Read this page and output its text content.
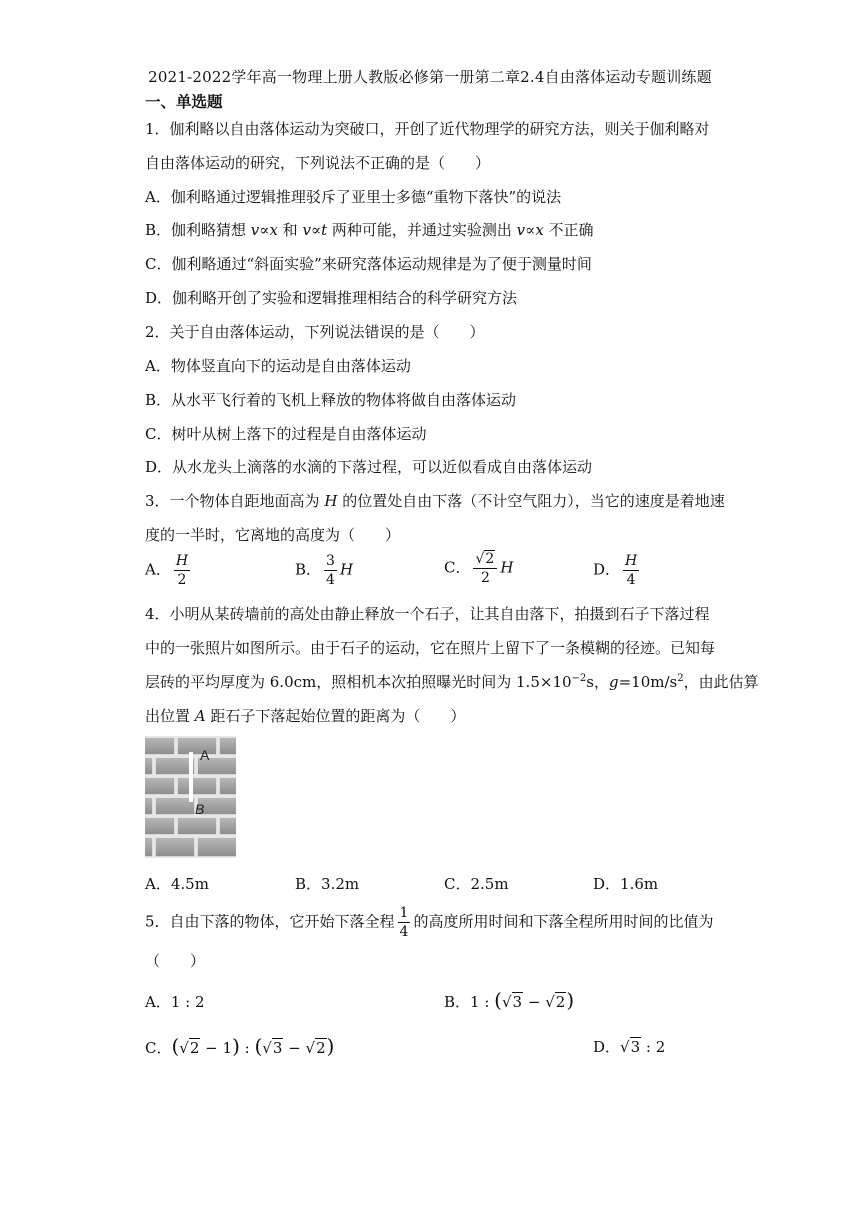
2021-2022学年高一物理上册人教版必修第一册第二章2.4自由落体运动专题训练题
一、单选题
1．伽利略以自由落体运动为突破口，开创了近代物理学的研究方法，则关于伽利略对
自由落体运动的研究，下列说法不正确的是（　　）
A．伽利略通过逻辑推理驳斥了亚里士多德“重物下落快”的说法
B．伽利略猜想 v∝x 和 v∝t 两种可能，并通过实验测出 v∝x 不正确
C．伽利略通过“斜面实验”来研究落体运动规律是为了便于测量时间
D．伽利略开创了实验和逻辑推理相结合的科学研究方法
2．关于自由落体运动，下列说法错误的是（　　）
A．物体竖直向下的运动是自由落体运动
B．从水平飞行着的飞机上释放的物体将做自由落体运动
C．树叶从树上落下的过程是自由落体运动
D．从水龙头上滴落的水滴的下落过程，可以近似看成自由落体运动
3．一个物体自距地面高为 H 的位置处自由下落（不计空气阻力），当它的速度是着地速
度的一半时，它离地的高度为（　　）
A． $\frac{H}{2}$	B． $\frac{3}{4}$ H	C． $\frac{√2}{2}$ H	D． $\frac{H}{4}$
4．小明从某砖墙前的高处由静止释放一个石子，让其自由落下，拍摄到石子下落过程
中的一张照片如图所示。由于石子的运动，它在照片上留下了一条模糊的径迹。已知每
层砖的平均厚度为 6.0cm，照相机本次拍照曝光时间为 $1.5\times 10^{-2}s$，$g=10m/s^2$，由此估算
出位置 A 距石子下落起始位置的距离为（　　）
A
B
A．4.5m	B．3.2m	C．2.5m	D．1.6m
5．自由下落的物体，它开始下落全程 $\frac{1}{4}$ 的高度所用时间和下落全程所用时间的比值为
（　　）
A．1 : 2	B．1 : (√3 − √2)
C．(√2 − 1) : (√3 − √2)	D．√3 : 2
